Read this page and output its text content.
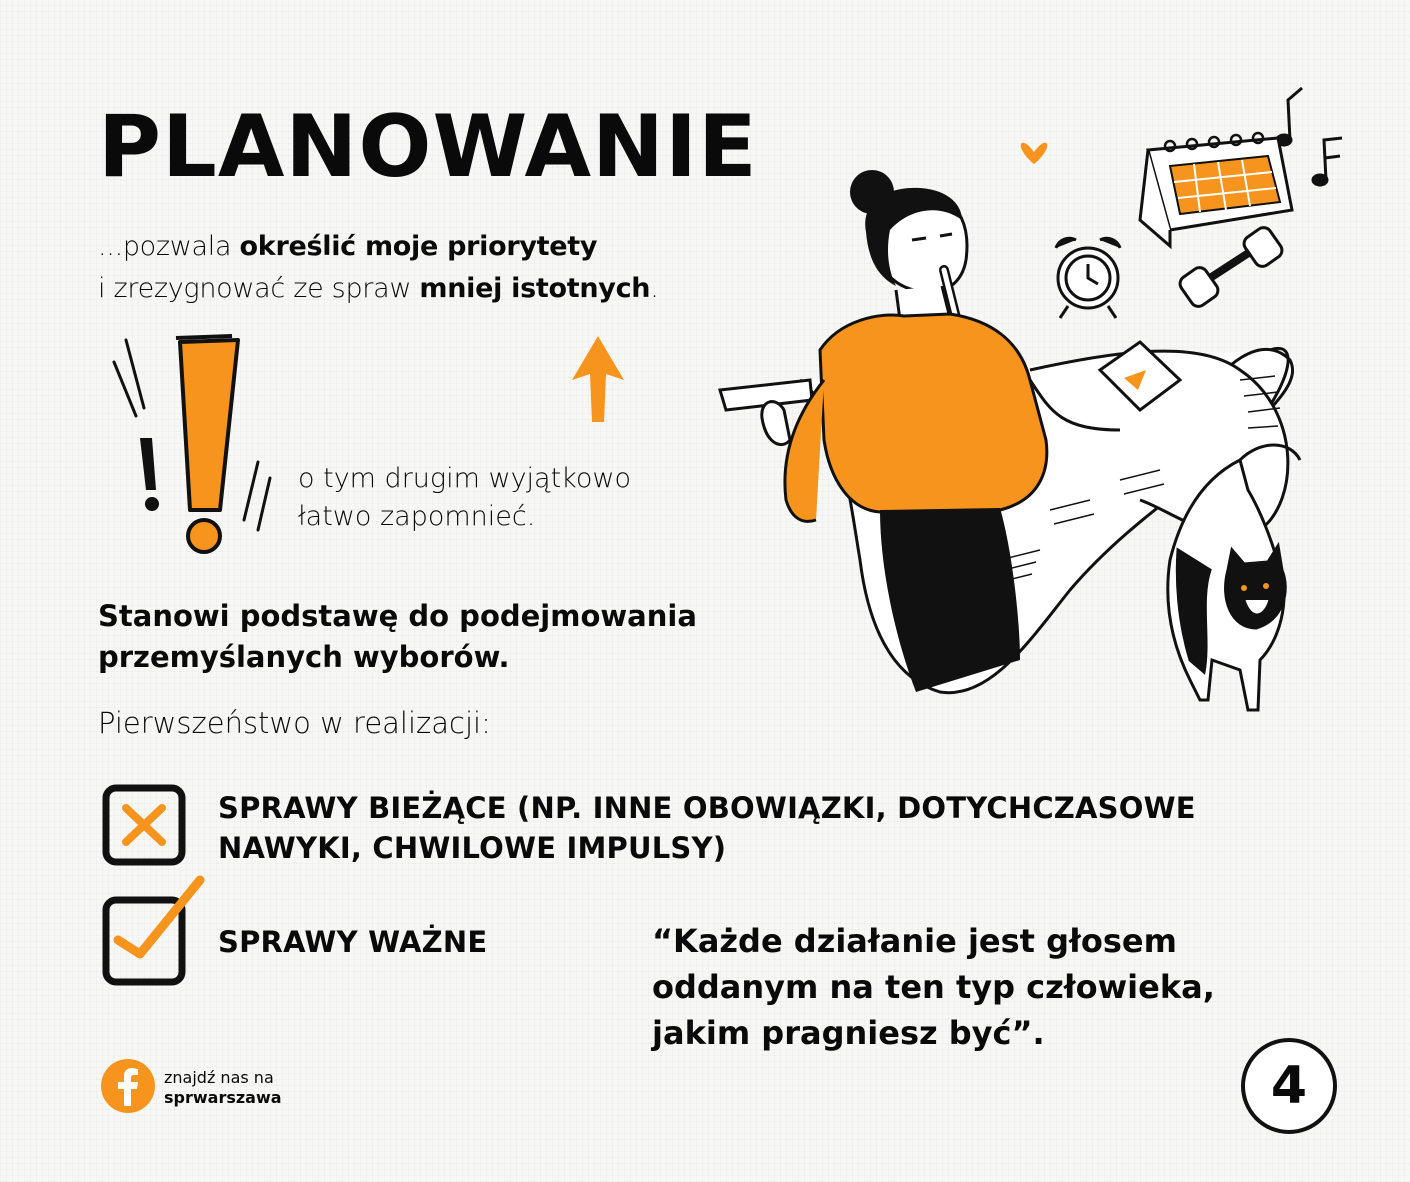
PLANOWANIE
...pozwala określić moje priorytety
i zrezygnować ze spraw mniej istotnych.
o tym drugim wyjątkowo
łatwo zapomnieć.
Stanowi podstawę do podejmowania
przemyślanych wyborów.
Pierwszeństwo w realizacji:
SPRAWY BIEŻĄCE (NP. INNE OBOWIĄZKI, DOTYCHCZASOWE
NAWYKI, CHWILOWE IMPULSY)
SPRAWY WAŻNE	“Każde działanie jest głosem
oddanym na ten typ człowieka,
jakim pragniesz być”.
znajdź nas na
sprwarszawa	4
